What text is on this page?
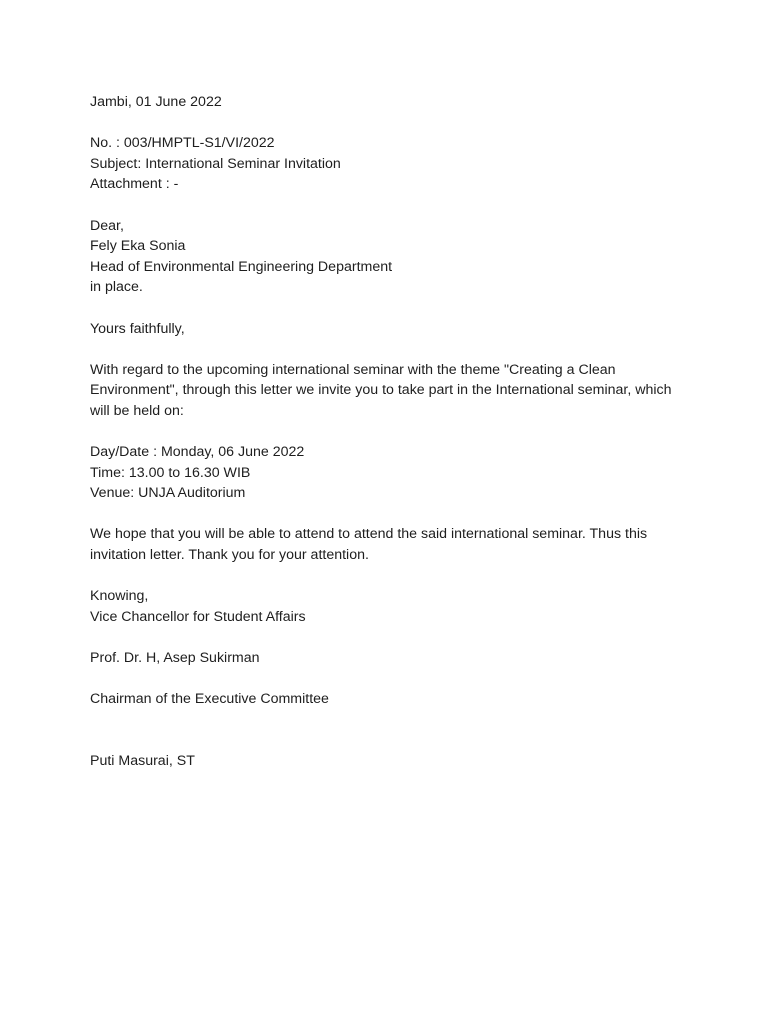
Jambi, 01 June 2022
No. : 003/HMPTL-S1/VI/2022
Subject: International Seminar Invitation
Attachment : -
Dear,
Fely Eka Sonia
Head of Environmental Engineering Department
in place.
Yours faithfully,
With regard to the upcoming international seminar with the theme "Creating a Clean Environment", through this letter we invite you to take part in the International seminar, which will be held on:
Day/Date : Monday, 06 June 2022
Time: 13.00 to 16.30 WIB
Venue: UNJA Auditorium
We hope that you will be able to attend to attend the said international seminar. Thus this invitation letter. Thank you for your attention.
Knowing,
Vice Chancellor for Student Affairs
Prof. Dr. H, Asep Sukirman
Chairman of the Executive Committee
Puti Masurai, ST
